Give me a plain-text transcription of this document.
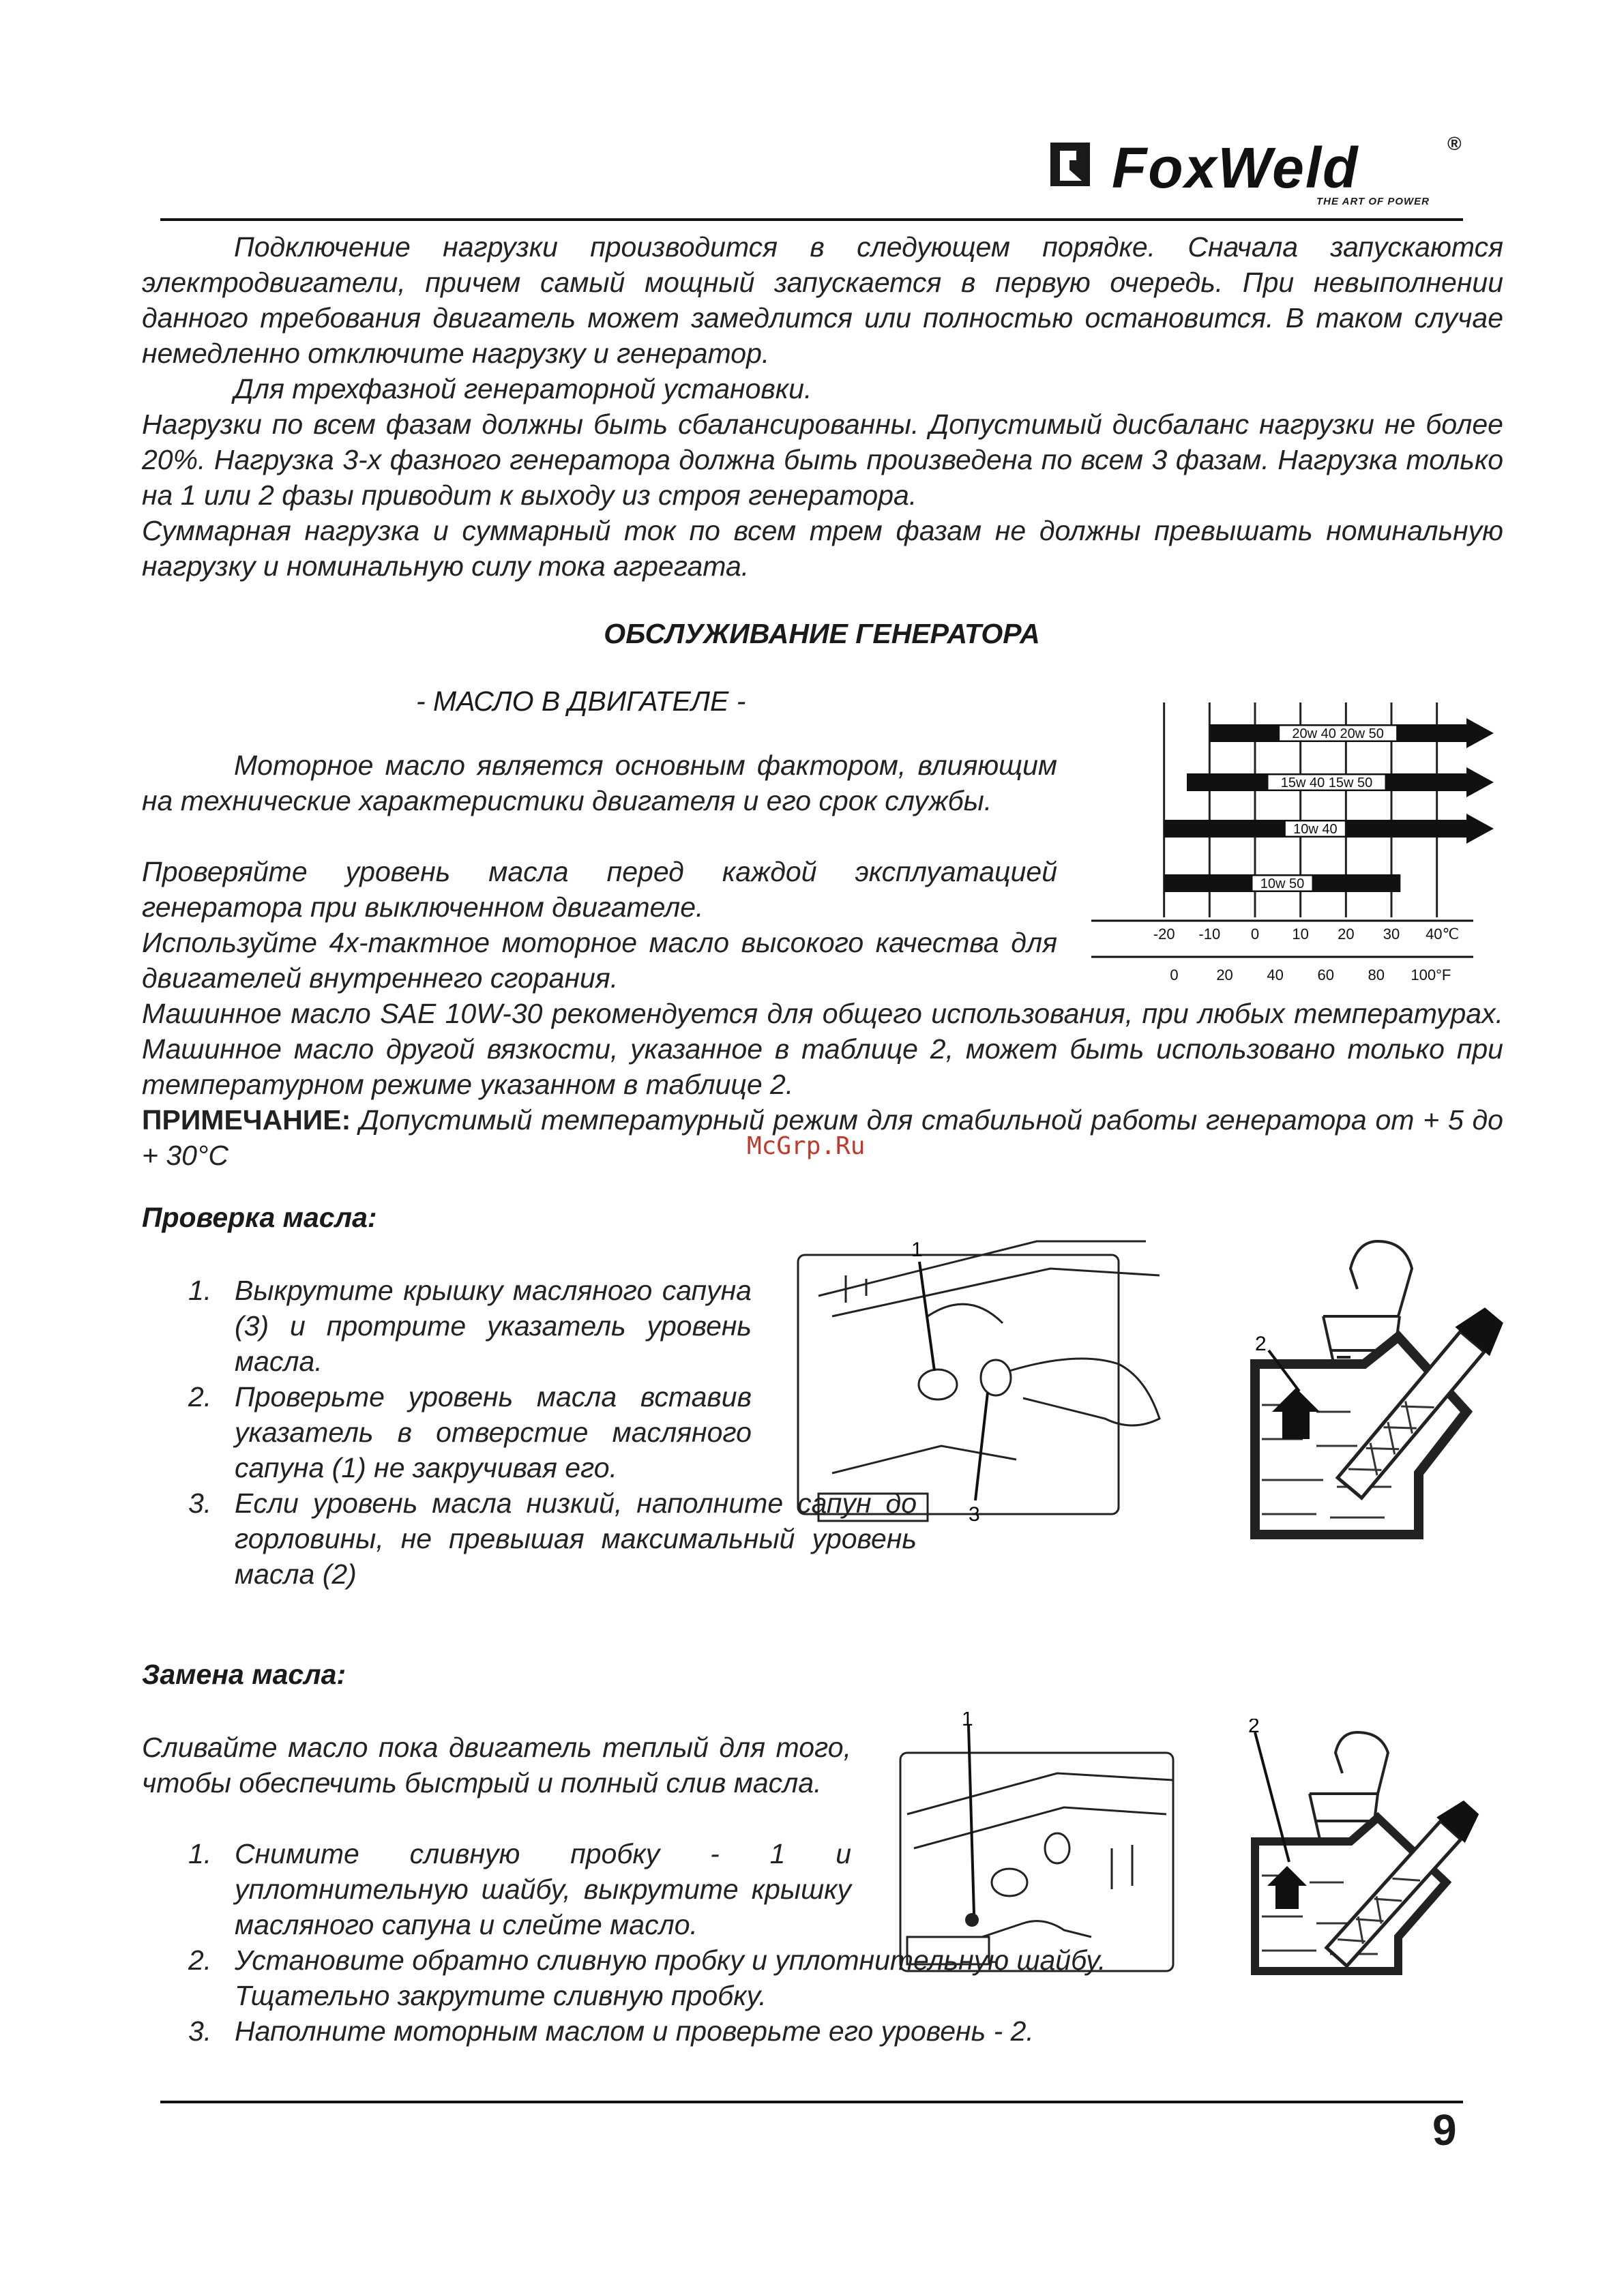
FoxWeld	®
THE ART OF POWER
Подключение нагрузки производится в следующем порядке. Сначала запускаются электродвигатели, причем самый мощный запускается в первую очередь. При невыполнении данного требования двигатель может замедлится или полностью остановится. В таком случае немедленно отключите нагрузку и генератор.
Для трехфазной генераторной установки.
Нагрузки по всем фазам должны быть сбалансированны. Допустимый дисбаланс нагрузки не более 20%. Нагрузка 3-х фазного генератора должна быть произведена по всем 3 фазам. Нагрузка только на 1 или 2 фазы приводит к выходу из строя генератора.
Суммарная нагрузка и суммарный ток по всем трем фазам не должны превышать номинальную нагрузку и номинальную силу тока агрегата.
ОБСЛУЖИВАНИЕ ГЕНЕРАТОРА
- МАСЛО В ДВИГАТЕЛЕ -
Моторное масло является основным фактором, влияющим на технические характеристики двигателя и его срок службы.
Проверяйте уровень масла перед каждой эксплуатацией генератора при выключенном двигателе.
Используйте 4х-тактное моторное масло высокого качества для двигателей внутреннего сгорания.
Машинное масло SAE 10W-30 рекомендуется для общего использования, при любых температурах. Машинное масло другой вязкости, указанное в таблице 2, может быть использовано только при температурном режиме указанном в таблице 2.
ПРИМЕЧАНИЕ: Допустимый температурный режим для стабильной работы генератора от + 5 до + 30°С	McGrp.Ru
20w 40 20w 50
15w 40 15w 50
10w 40
10w 50
-20 -10 0 10 20 30 40℃
0	20 40 60 80 100°F
Проверка масла:
1. Выкрутите крышку масляного сапуна (3) и протрите указатель уровень масла.
2. Проверьте уровень масла вставив указатель в отверстие масляного сапуна (1) не закручивая его.
3. Если уровень масла низкий, наполните сапун до горловины, не превышая максимальный уровень масла (2)
1
3
2
Замена масла:
Сливайте масло пока двигатель теплый для того, чтобы обеспечить быстрый и полный слив масла.
1. Снимите сливную пробку - 1 и уплотнительную шайбу, выкрутите крышку масляного сапуна и слейте масло.
2. Установите обратно сливную пробку и уплотнительную шайбу. Тщательно закрутите сливную пробку.
3. Наполните моторным маслом и проверьте его уровень - 2.
1	2
9
